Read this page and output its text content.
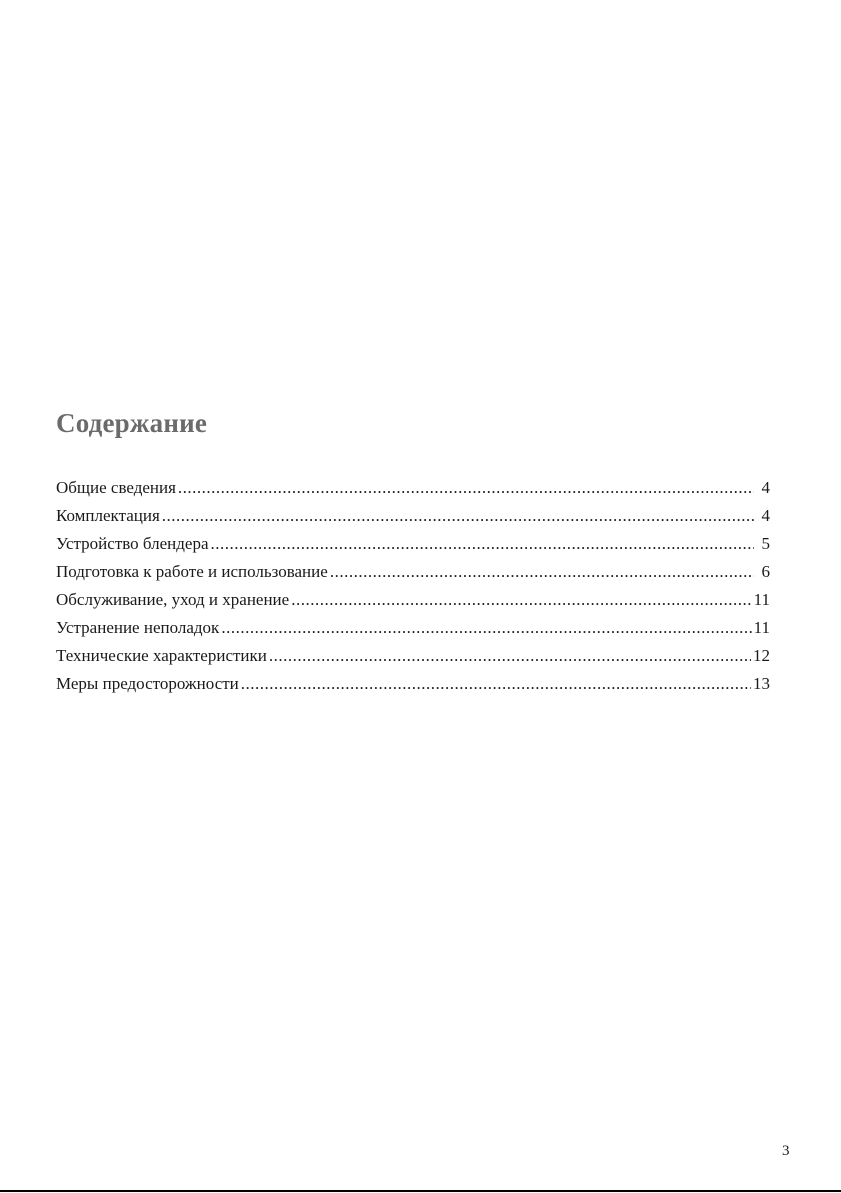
Содержание
Общие сведения .....	4
Комплектация .....	4
Устройство блендера .....	5
Подготовка к работе и использование .....	6
Обслуживание, уход и хранение .....	11
Устранение неполадок .....	11
Технические характеристики .....	12
Меры предосторожности .....	13
3
